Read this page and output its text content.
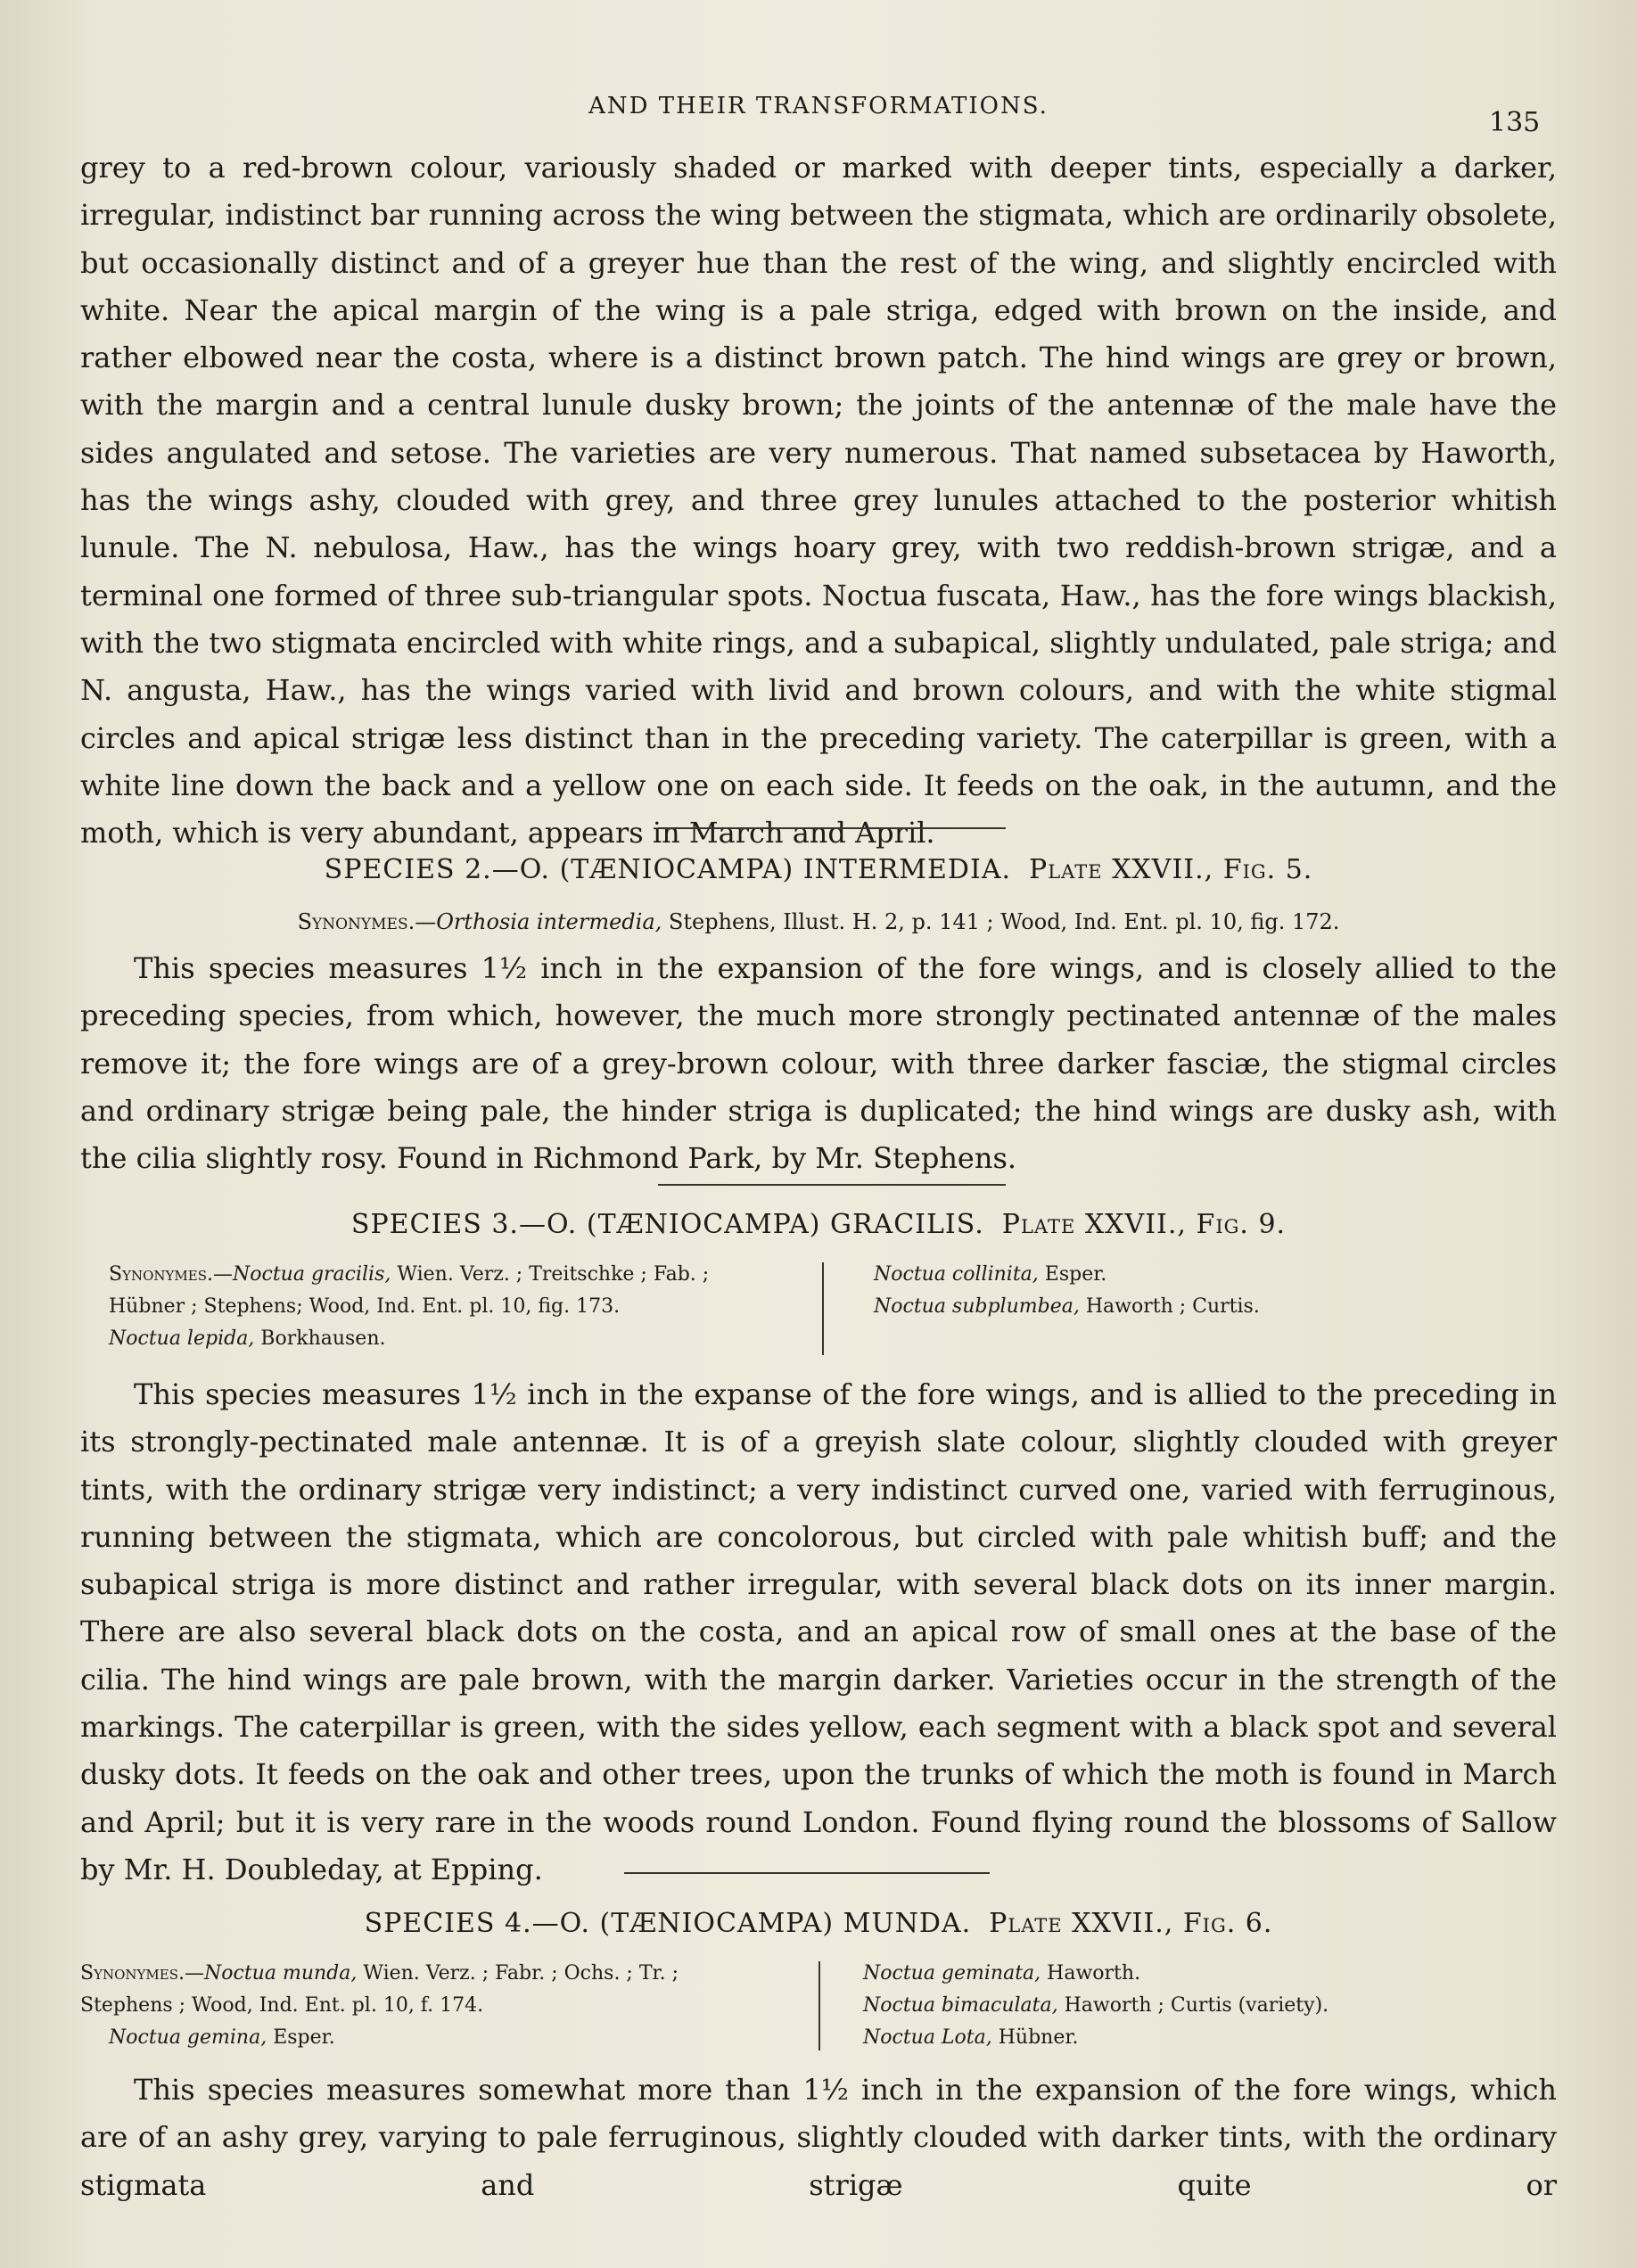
AND THEIR TRANSFORMATIONS.
135

grey to a red-brown colour, variously shaded or marked with deeper tints, especially a darker, irregular, indistinct bar running across the wing between the stigmata, which are ordinarily obsolete, but occasionally distinct and of a greyer hue than the rest of the wing, and slightly encircled with white. Near the apical margin of the wing is a pale striga, edged with brown on the inside, and rather elbowed near the costa, where is a distinct brown patch. The hind wings are grey or brown, with the margin and a central lunule dusky brown; the joints of the antennæ of the male have the sides angulated and setose. The varieties are very numerous. That named subsetacea by Haworth, has the wings ashy, clouded with grey, and three grey lunules attached to the posterior whitish lunule. The N. nebulosa, Haw., has the wings hoary grey, with two reddish-brown strigæ, and a terminal one formed of three sub-triangular spots. Noctua fuscata, Haw., has the fore wings blackish, with the two stigmata encircled with white rings, and a subapical, slightly undulated, pale striga; and N. angusta, Haw., has the wings varied with livid and brown colours, and with the white stigmal circles and apical strigæ less distinct than in the preceding variety. The caterpillar is green, with a white line down the back and a yellow one on each side. It feeds on the oak, in the autumn, and the moth, which is very abundant, appears in March and April.

SPECIES 2.—O. (TÆNIOCAMPA) INTERMEDIA. Plate XXVII., Fig. 5.
Synonymes.—Orthosia intermedia, Stephens, Illust. H. 2, p. 141 ; Wood, Ind. Ent. pl. 10, fig. 172.

This species measures 1½ inch in the expansion of the fore wings, and is closely allied to the preceding species, from which, however, the much more strongly pectinated antennæ of the males remove it; the fore wings are of a grey-brown colour, with three darker fasciæ, the stigmal circles and ordinary strigæ being pale, the hinder striga is duplicated; the hind wings are dusky ash, with the cilia slightly rosy. Found in Richmond Park, by Mr. Stephens.

SPECIES 3.—O. (TÆNIOCAMPA) GRACILIS. Plate XXVII., Fig. 9.
Synonymes.—Noctua gracilis, Wien. Verz. ; Treitschke ; Fab. ;
Hübner ; Stephens; Wood, Ind. Ent. pl. 10, fig. 173.
Noctua lepida, Borkhausen.
Noctua collinita, Esper.
Noctua subplumbea, Haworth ; Curtis.

This species measures 1½ inch in the expanse of the fore wings, and is allied to the preceding in its strongly-pectinated male antennæ. It is of a greyish slate colour, slightly clouded with greyer tints, with the ordinary strigæ very indistinct; a very indistinct curved one, varied with ferruginous, running between the stigmata, which are concolorous, but circled with pale whitish buff; and the subapical striga is more distinct and rather irregular, with several black dots on its inner margin. There are also several black dots on the costa, and an apical row of small ones at the base of the cilia. The hind wings are pale brown, with the margin darker. Varieties occur in the strength of the markings. The caterpillar is green, with the sides yellow, each segment with a black spot and several dusky dots. It feeds on the oak and other trees, upon the trunks of which the moth is found in March and April; but it is very rare in the woods round London. Found flying round the blossoms of Sallow by Mr. H. Doubleday, at Epping.

SPECIES 4.—O. (TÆNIOCAMPA) MUNDA. Plate XXVII., Fig. 6.
Synonymes.—Noctua munda, Wien. Verz. ; Fabr. ; Ochs. ; Tr. ;
Stephens ; Wood, Ind. Ent. pl. 10, f. 174.
Noctua gemina, Esper.
Noctua geminata, Haworth.
Noctua bimaculata, Haworth ; Curtis (variety).
Noctua Lota, Hübner.

This species measures somewhat more than 1½ inch in the expansion of the fore wings, which are of an ashy grey, varying to pale ferruginous, slightly clouded with darker tints, with the ordinary stigmata and strigæ quite or
